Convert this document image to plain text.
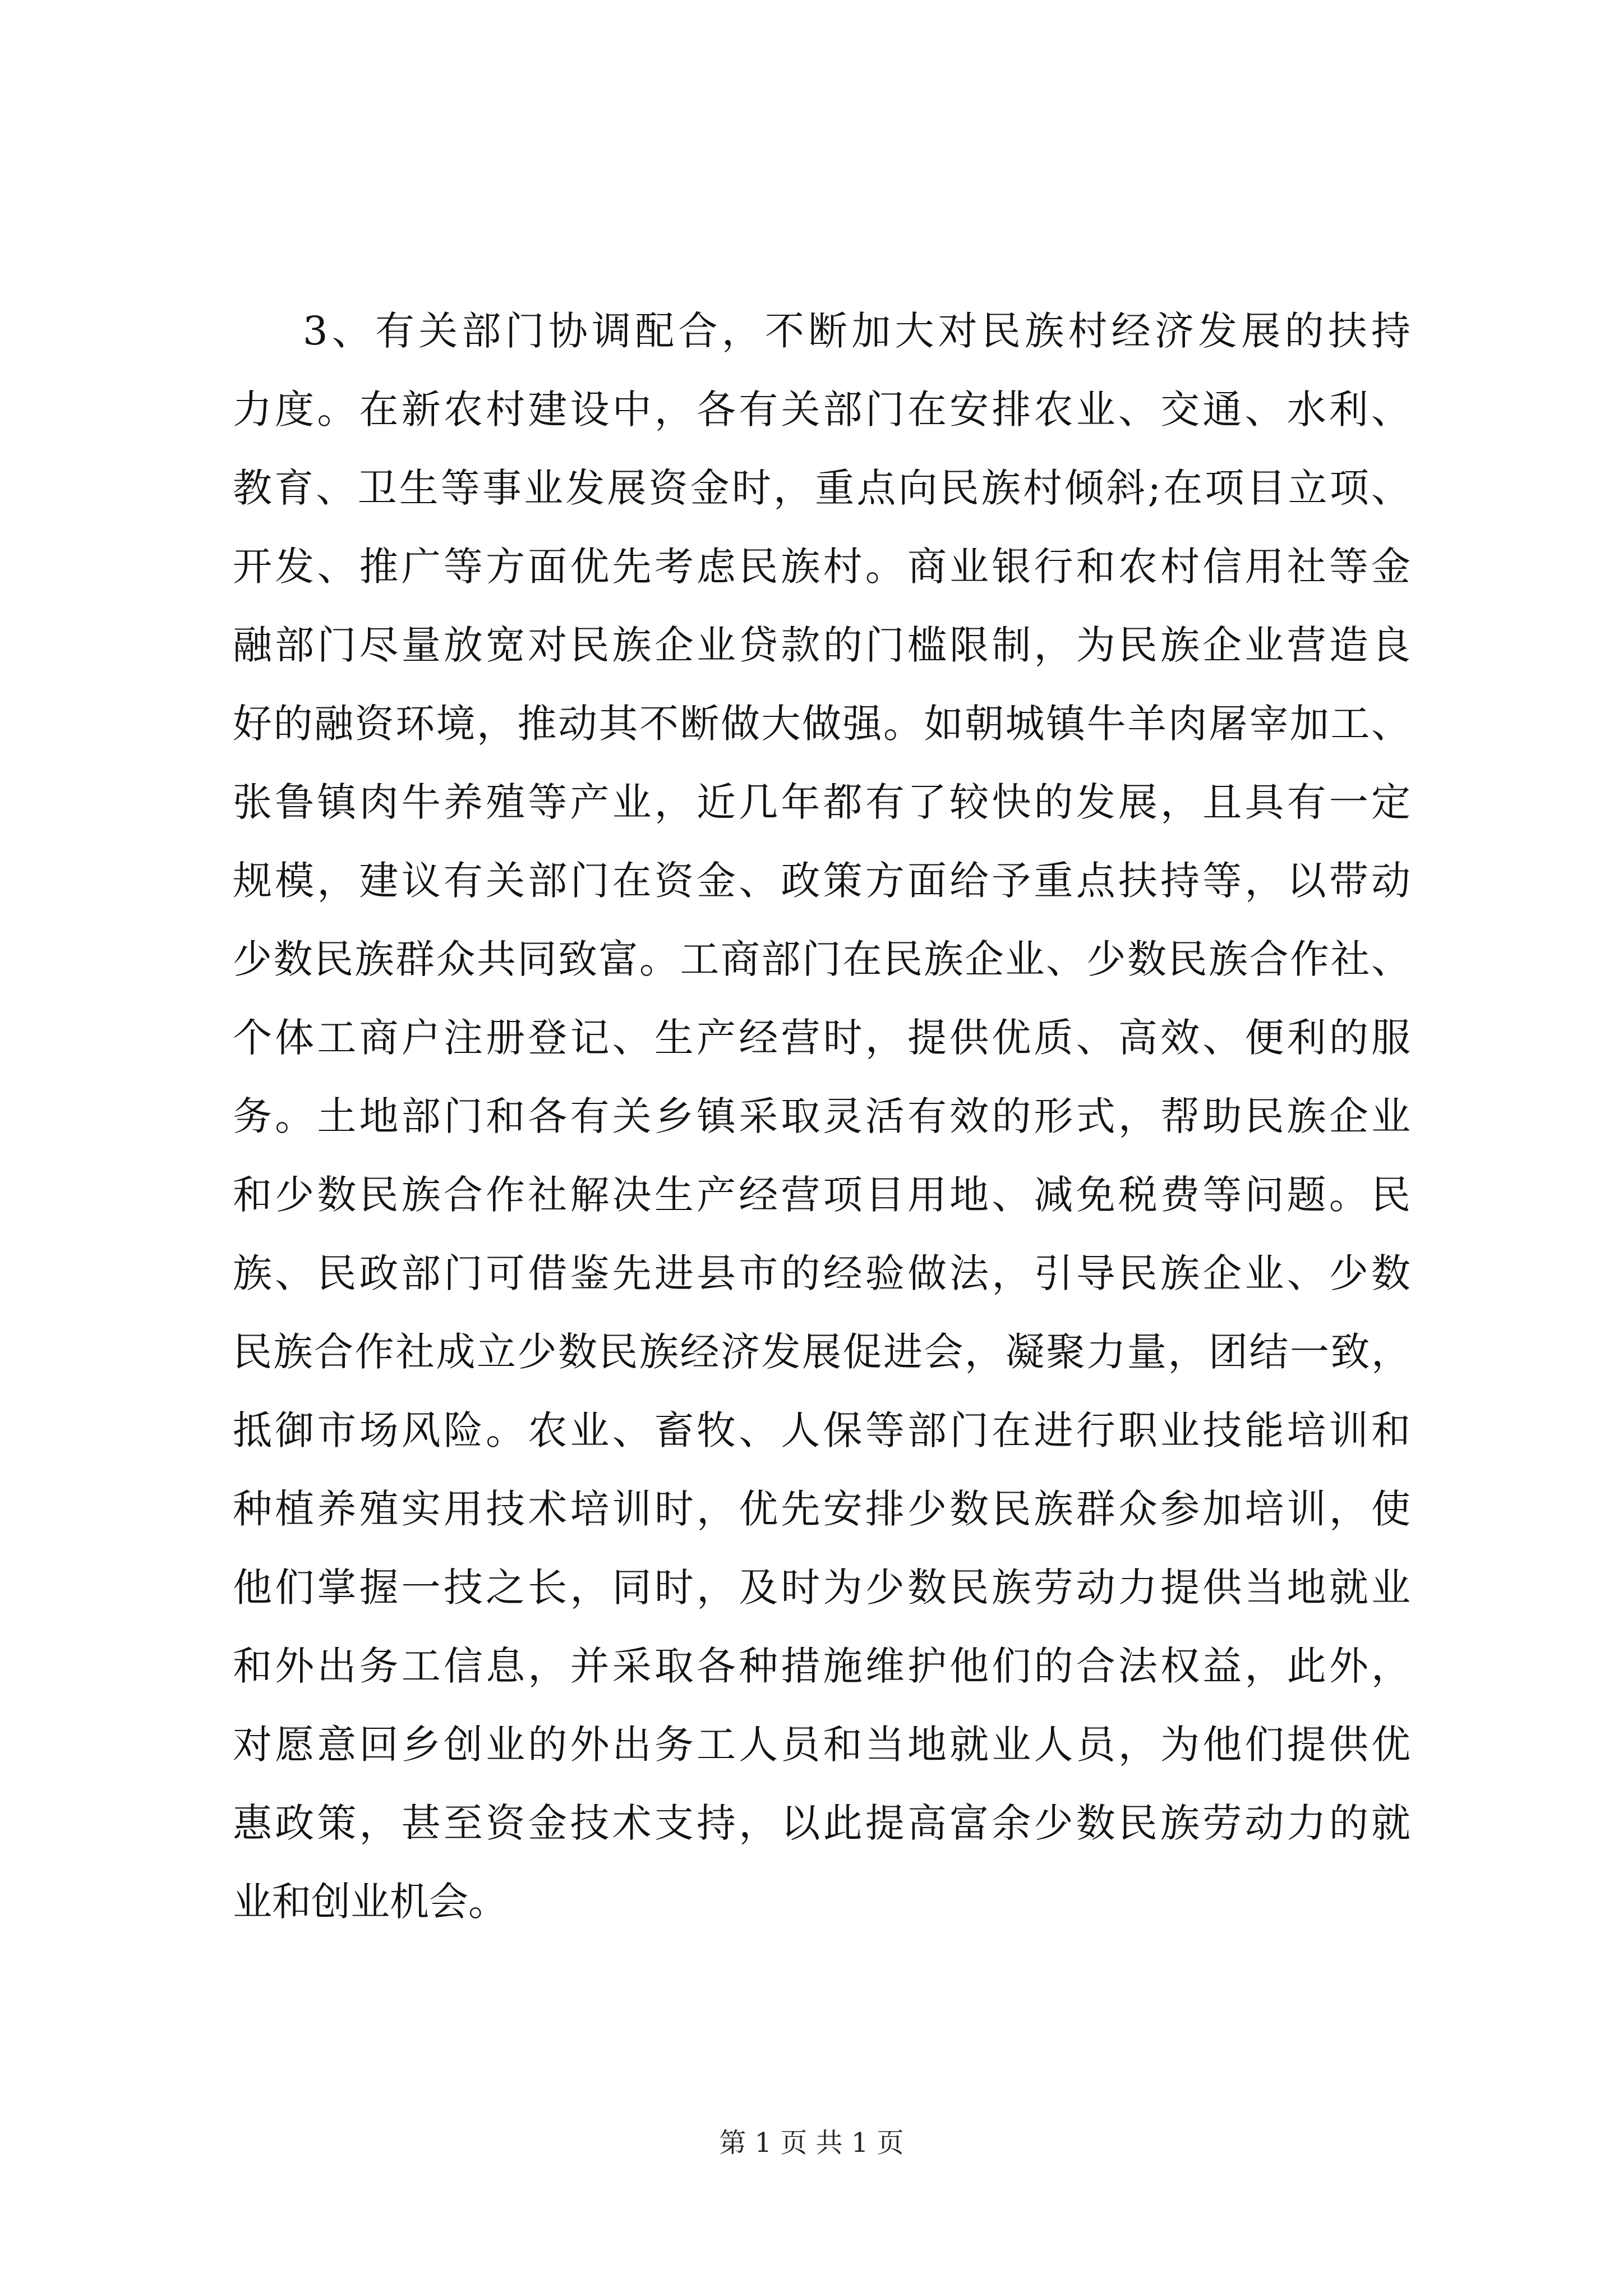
3、有关部门协调配合，不断加大对民族村经济发展的扶持
力度。在新农村建设中，各有关部门在安排农业、交通、水利、
教育、卫生等事业发展资金时，重点向民族村倾斜;在项目立项、
开发、推广等方面优先考虑民族村。商业银行和农村信用社等金
融部门尽量放宽对民族企业贷款的门槛限制，为民族企业营造良
好的融资环境，推动其不断做大做强。如朝城镇牛羊肉屠宰加工、
张鲁镇肉牛养殖等产业，近几年都有了较快的发展，且具有一定
规模，建议有关部门在资金、政策方面给予重点扶持等，以带动
少数民族群众共同致富。工商部门在民族企业、少数民族合作社、
个体工商户注册登记、生产经营时，提供优质、高效、便利的服
务。土地部门和各有关乡镇采取灵活有效的形式，帮助民族企业
和少数民族合作社解决生产经营项目用地、减免税费等问题。民
族、民政部门可借鉴先进县市的经验做法，引导民族企业、少数
民族合作社成立少数民族经济发展促进会，凝聚力量，团结一致，
抵御市场风险。农业、畜牧、人保等部门在进行职业技能培训和
种植养殖实用技术培训时，优先安排少数民族群众参加培训，使
他们掌握一技之长，同时，及时为少数民族劳动力提供当地就业
和外出务工信息，并采取各种措施维护他们的合法权益，此外，
对愿意回乡创业的外出务工人员和当地就业人员，为他们提供优
惠政策，甚至资金技术支持，以此提高富余少数民族劳动力的就
业和创业机会。
第 1 页 共 1 页
